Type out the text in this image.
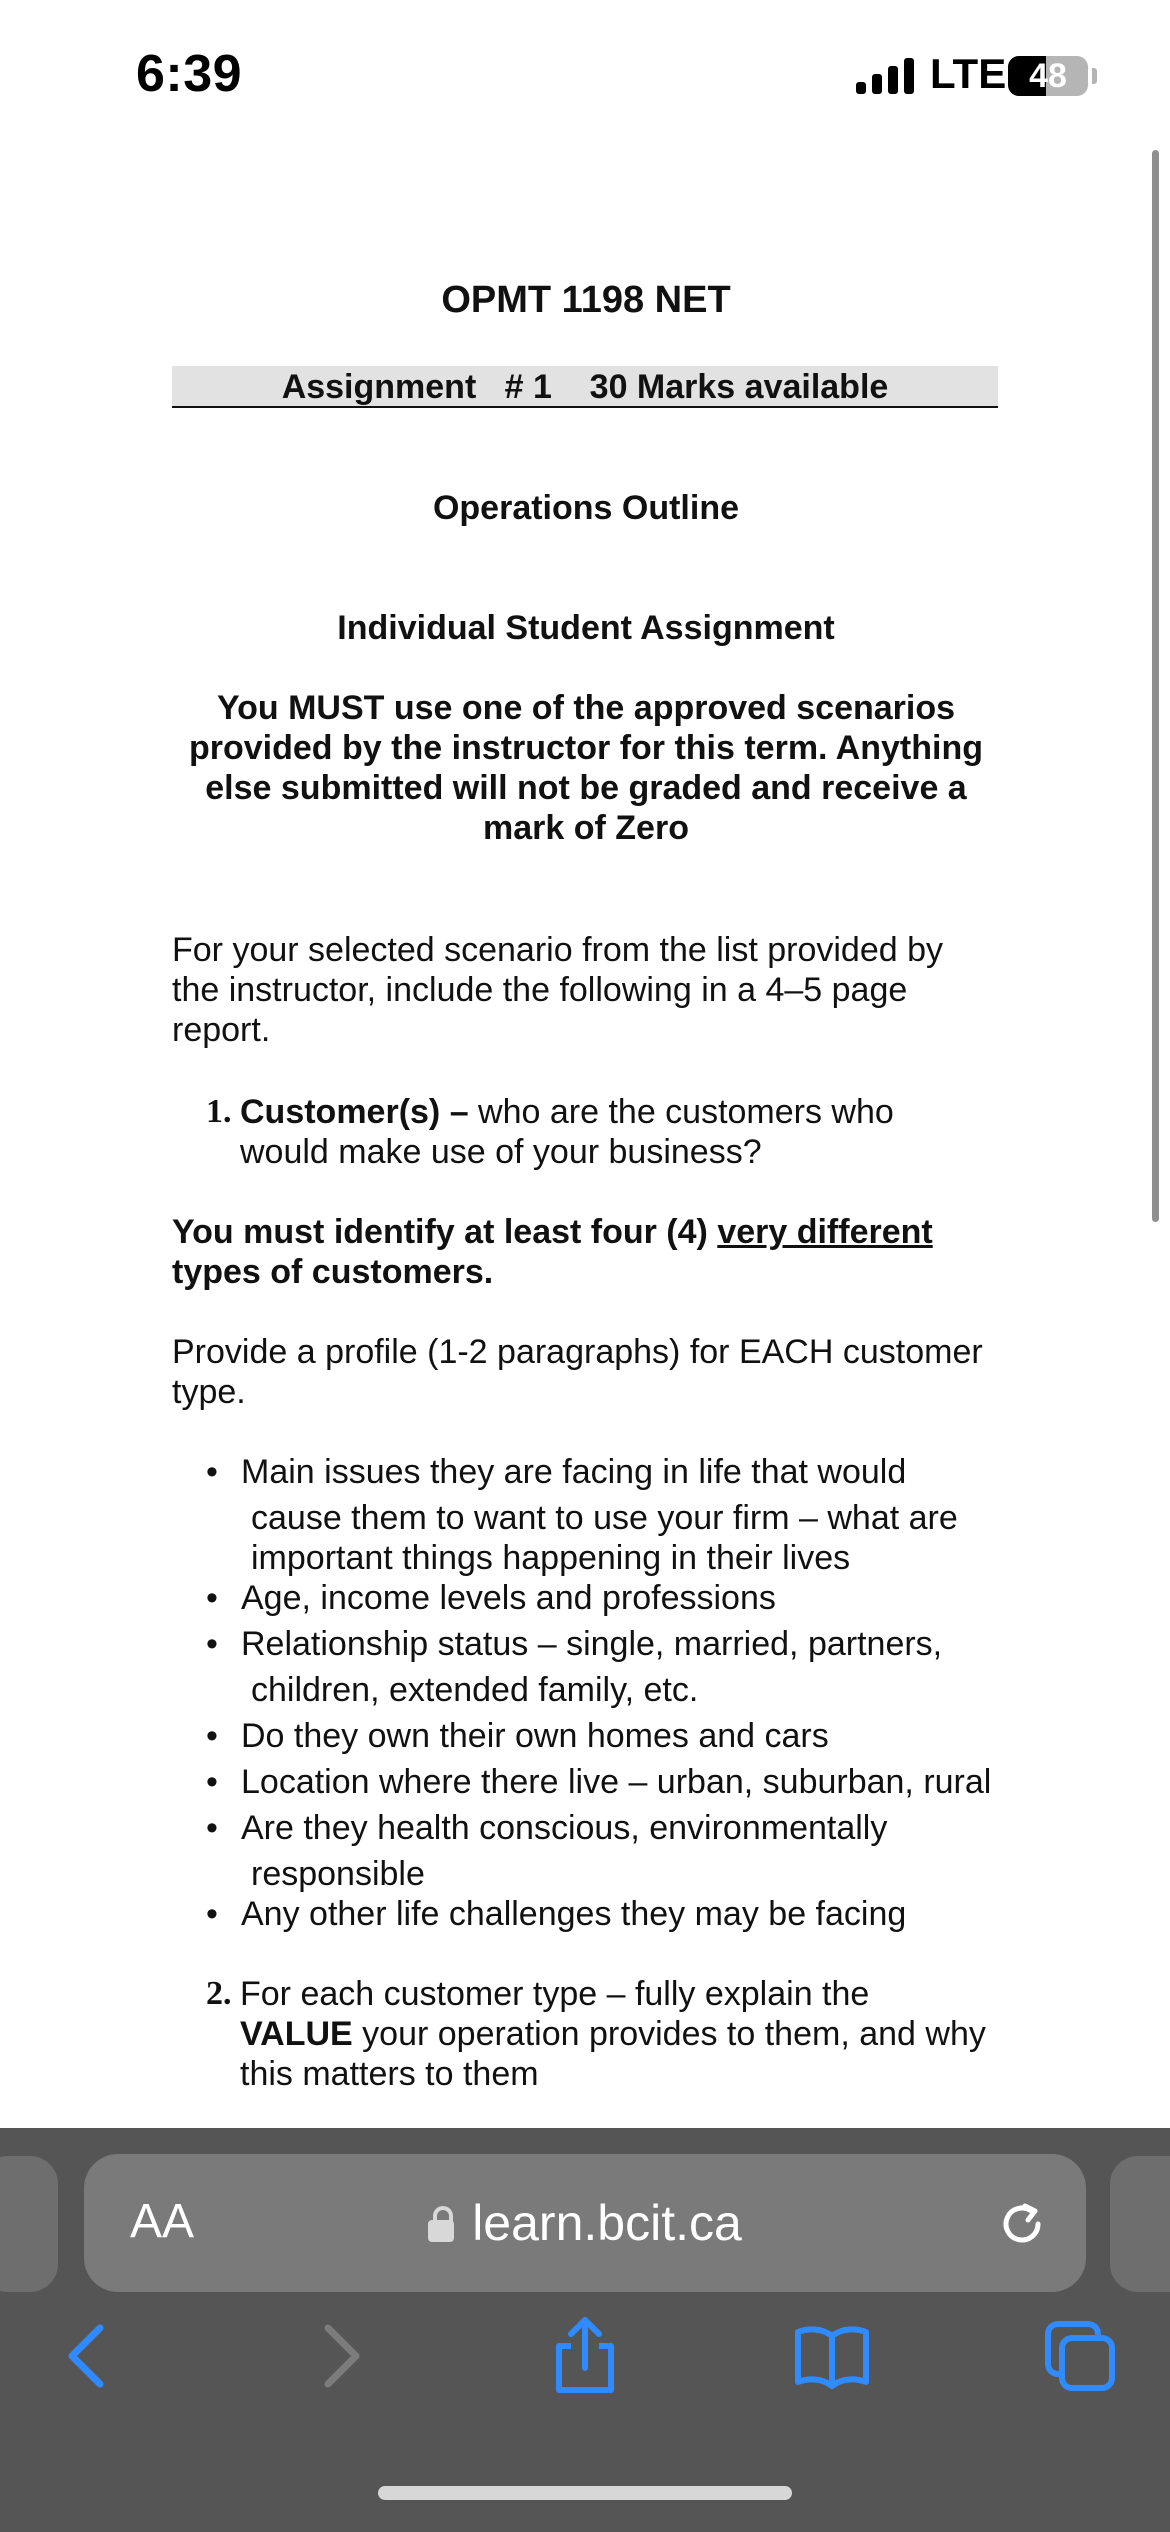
6:39	LTE 48
OPMT 1198 NET
Assignment   # 1    30 Marks available
Operations Outline
Individual Student Assignment
You MUST use one of the approved scenarios
provided by the instructor for this term. Anything
else submitted will not be graded and receive a
mark of Zero
For your selected scenario from the list provided by
the instructor, include the following in a 4–5 page
report.
1. Customer(s) – who are the customers who
would make use of your business?
You must identify at least four (4) very different
types of customers.
Provide a profile (1-2 paragraphs) for EACH customer
type.
• Main issues they are facing in life that would
cause them to want to use your firm – what are
important things happening in their lives
• Age, income levels and professions
• Relationship status – single, married, partners,
children, extended family, etc.
• Do they own their own homes and cars
• Location where there live – urban, suburban, rural
• Are they health conscious, environmentally
responsible
• Any other life challenges they may be facing
2. For each customer type – fully explain the
VALUE your operation provides to them, and why
this matters to them
AA	learn.bcit.ca
